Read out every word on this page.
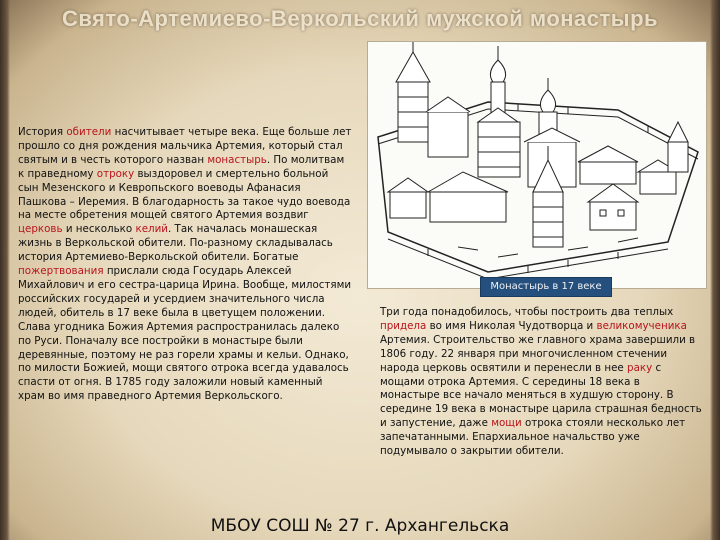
Свято-Артемиево-Веркольский мужской монастырь
История обители насчитывает четыре века. Еще больше лет прошло со дня рождения мальчика Артемия, который стал святым и в честь которого назван монастырь. По молитвам к праведному отроку выздоровел и смертельно больной сын Мезенского и Кевропьского воеводы Афанасия Пашкова – Иеремия. В благодарность за такое чудо воевода на месте обретения мощей святого Артемия воздвиг церковь и несколько келий. Так началась монашеская жизнь в Веркольской обители. По-разному складывалась история Артемиево-Веркольской обители. Богатые пожертвования прислали сюда Государь Алексей Михайлович и его сестра-царица Ирина. Вообще, милостями российских государей и усердием значительного числа людей, обитель в 17 веке была в цветущем положении. Слава угодника Божия Артемия распространилась далеко по Руси. Поначалу все постройки в монастыре были деревянные, поэтому не раз горели храмы и кельи. Однако, по милости Божией, мощи святого отрока всегда удавалось спасти от огня. В 1785 году заложили новый каменный храм во имя праведного Артемия Веркольского.
Монастырь в 17 веке
Три года понадобилось, чтобы построить два теплых придела во имя Николая Чудотворца и великомученика Артемия. Строительство же главного храма завершили в 1806 году. 22 января при многочисленном стечении народа церковь освятили и перенесли в нее раку с мощами отрока Артемия. С середины 18 века в монастыре все начало меняться в худшую сторону. В середине 19 века в монастыре царила страшная бедность и запустение, даже мощи отрока стояли несколько лет запечатанными. Епархиальное начальство уже подумывало о закрытии обители.
МБОУ СОШ № 27 г. Архангельска
